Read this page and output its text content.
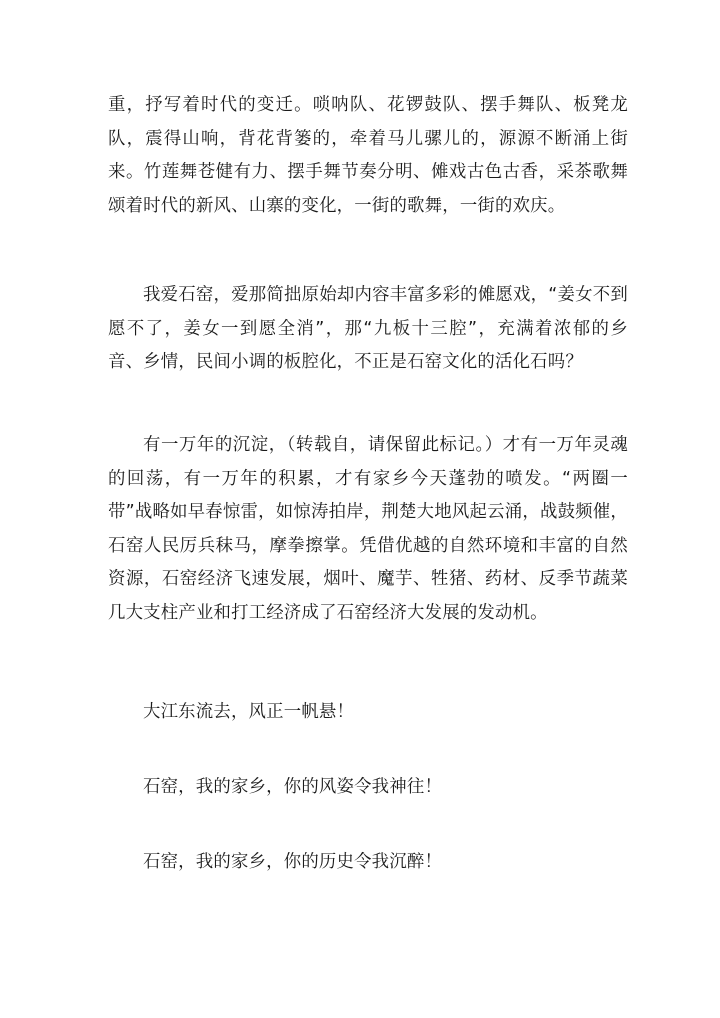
重，抒写着时代的变迁。唢呐队、花锣鼓队、摆手舞队、板凳龙队，震得山响，背花背篓的，牵着马儿骡儿的，源源不断涌上街来。竹莲舞苍健有力、摆手舞节奏分明、傩戏古色古香，采茶歌舞颂着时代的新风、山寨的变化，一街的歌舞，一街的欢庆。

我爱石窑，爱那简拙原始却内容丰富多彩的傩愿戏，“姜女不到愿不了，姜女一到愿全消”，那“九板十三腔”，充满着浓郁的乡音、乡情，民间小调的板腔化，不正是石窑文化的活化石吗？

有一万年的沉淀，（转载自，请保留此标记。）才有一万年灵魂的回荡，有一万年的积累，才有家乡今天蓬勃的喷发。“两圈一带”战略如早春惊雷，如惊涛拍岸，荆楚大地风起云涌，战鼓频催，石窑人民厉兵秣马，摩拳擦掌。凭借优越的自然环境和丰富的自然资源，石窑经济飞速发展，烟叶、魔芋、牲猪、药材、反季节蔬菜几大支柱产业和打工经济成了石窑经济大发展的发动机。

大江东流去，风正一帆悬！

石窑，我的家乡，你的风姿令我神往！

石窑，我的家乡，你的历史令我沉醉！
